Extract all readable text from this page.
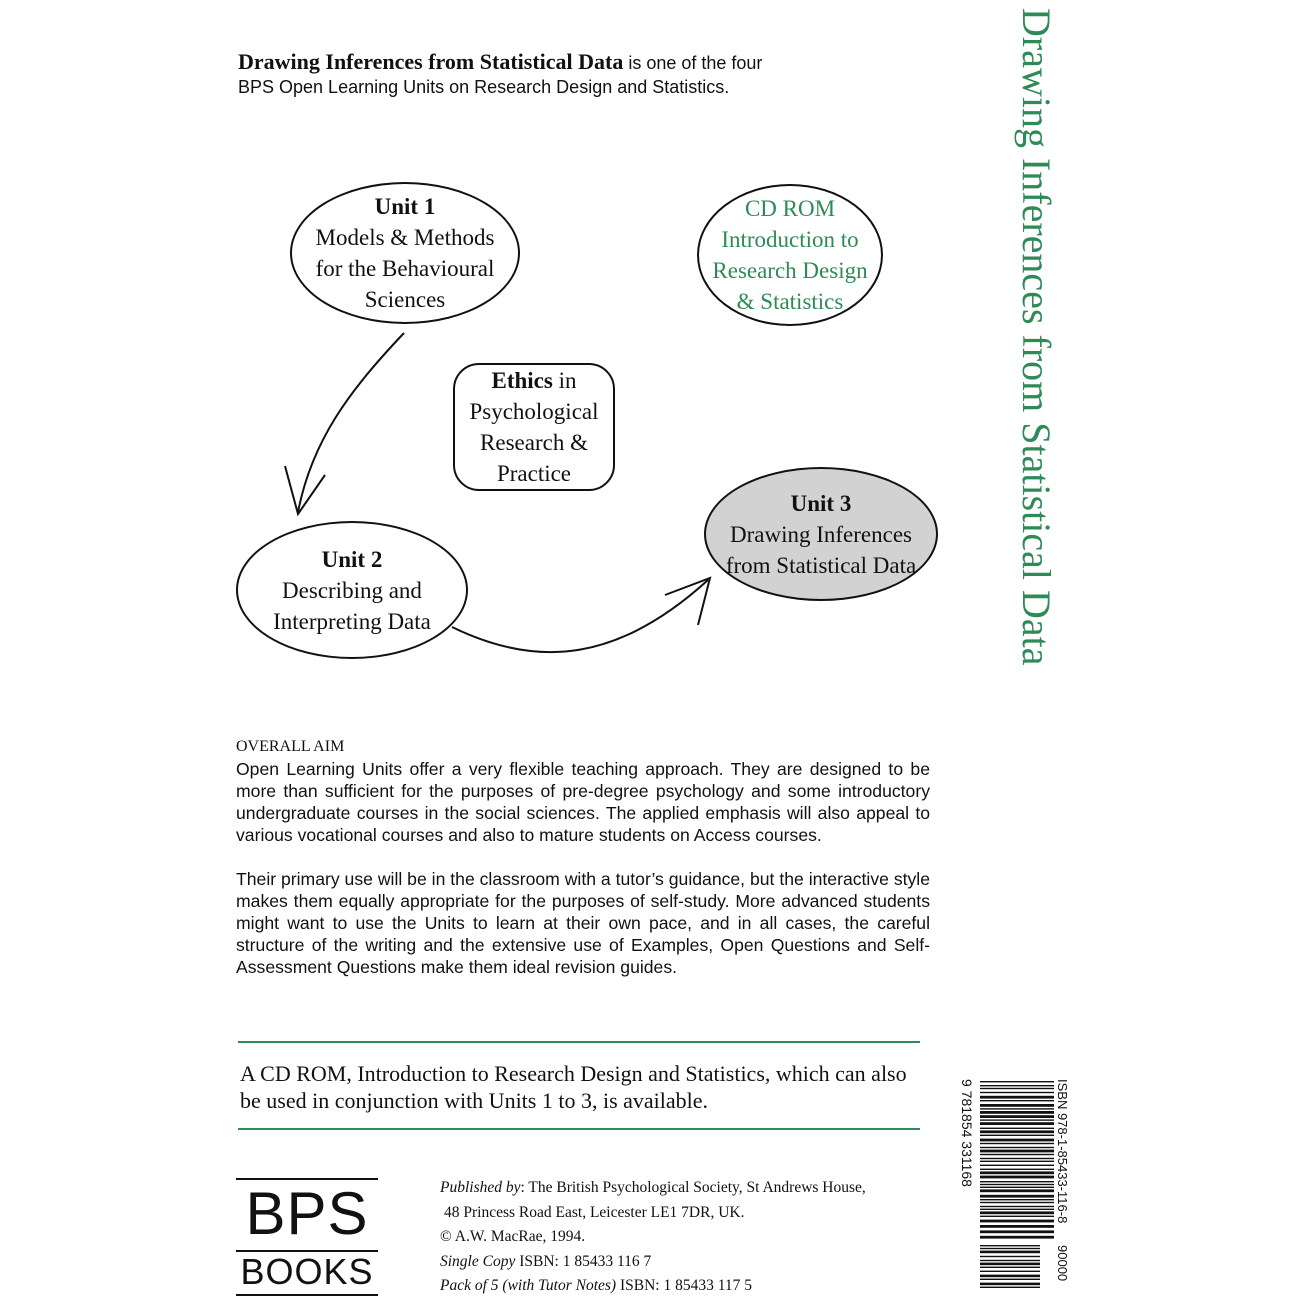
Drawing Inferences from Statistical Data is one of the four
BPS Open Learning Units on Research Design and Statistics.
Unit 1
Models & Methods
for the Behavioural
Sciences
CD ROM
Introduction to
Research Design
& Statistics
Ethics in
Psychological
Research &
Practice
Unit 2
Describing and
Interpreting Data
Unit 3
Drawing Inferences
from Statistical Data Drawing Inferences from Statistical Data
OVERALL AIM

Open Learning Units offer a very flexible teaching approach. They are designed to be more than sufficient for the purposes of pre-degree psychology and some introductory undergraduate courses in the social sciences. The applied emphasis will also appeal to various vocational courses and also to mature students on Access courses.

Their primary use will be in the classroom with a tutor’s guidance, but the interactive style makes them equally appropriate for the purposes of self-study. More advanced students might want to use the Units to learn at their own pace, and in all cases, the careful structure of the writing and the extensive use of Examples, Open Questions and Self-Assessment Questions make them ideal revision guides.

A CD ROM, Introduction to Research Design and Statistics, which can also be used in conjunction with Units 1 to 3, is available.	ISBN 978-1-85433-116-8
9 781854 331168
90000
BPS
BOOKS
Published by: The British Psychological Society, St Andrews House,
48 Princess Road East, Leicester LE1 7DR, UK.
© A.W. MacRae, 1994.
Single Copy ISBN: 1 85433 116 7
Pack of 5 (with Tutor Notes) ISBN: 1 85433 117 5
